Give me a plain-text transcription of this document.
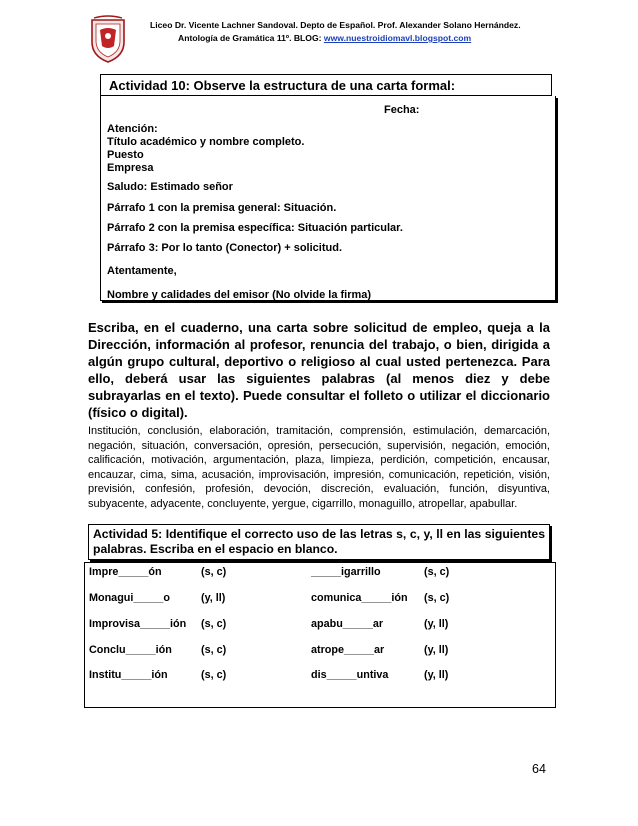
Liceo Dr. Vicente Lachner Sandoval. Depto de Español. Prof. Alexander Solano Hernández.
Antología de Gramática 11º. BLOG: www.nuestroidiomavl.blogspot.com
Actividad 10: Observe la estructura de una carta formal:
Fecha:
Atención:
Título académico y nombre completo.
Puesto
Empresa
Saludo: Estimado señor
Párrafo 1 con la premisa general: Situación.
Párrafo 2 con la premisa específica: Situación particular.
Párrafo 3: Por lo tanto (Conector) + solicitud.
Atentamente,
Nombre y calidades del emisor (No olvide la firma)
Escriba, en el cuaderno, una carta sobre solicitud de empleo, queja a la Dirección, información al profesor, renuncia del trabajo, o bien, dirigida a algún grupo cultural, deportivo o religioso al cual usted pertenezca. Para ello, deberá usar las siguientes palabras (al menos diez y debe subrayarlas en el texto). Puede consultar el folleto o utilizar el diccionario (físico o digital).
Institución, conclusión, elaboración, tramitación, comprensión, estimulación, demarcación, negación, situación, conversación, opresión, persecución, supervisión, negación, emoción, calificación, motivación, argumentación, plaza, limpieza, perdición, competición, encausar, encauzar, cima, sima, acusación, improvisación, impresión, comunicación, repetición, visión, previsión, confesión, profesión, devoción, discreción, evaluación, función, disyuntiva, subyacente, adyacente, concluyente, yergue, cigarrillo, monaguillo, atropellar, apabullar.
Actividad 5: Identifique el correcto uso de las letras s, c, y, ll en las siguientes palabras. Escriba en el espacio en blanco.
Impre_____ón	(s, c)	_____igarrillo	(s, c)
Monagui_____o	(y, ll)	comunica_____ión (s, c)
Improvisa_____ión (s, c)	apabu_____ar	(y, ll)
Conclu_____ión	(s, c)	atrope_____ar	(y, ll)
Institu_____ión	(s, c)	dis_____untiva	(y, ll)
64
